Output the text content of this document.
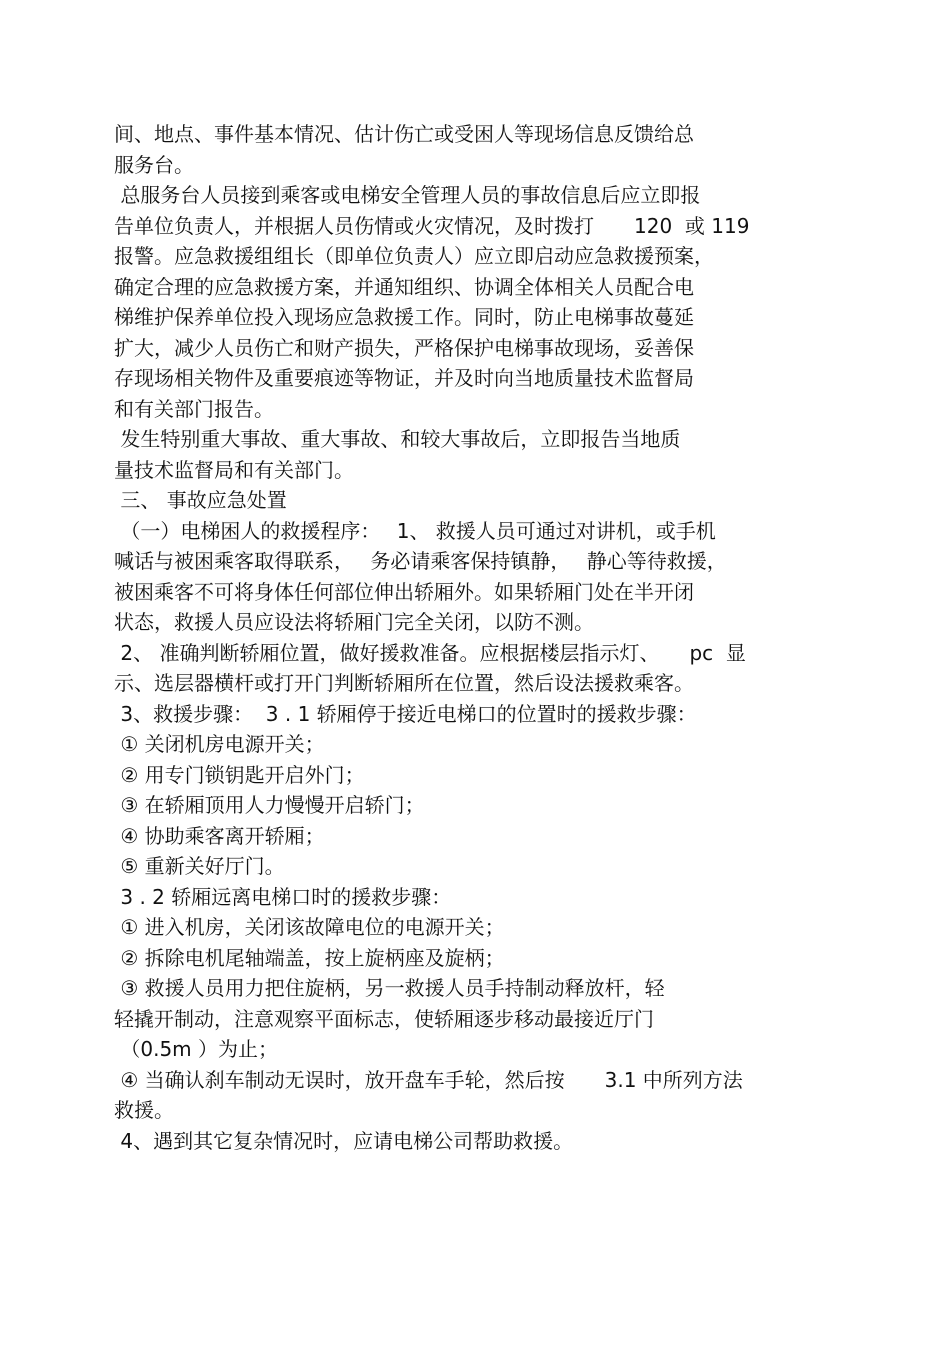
间、地点、事件基本情况、估计伤亡或受困人等现场信息反馈给总
服务台。
总服务台人员接到乘客或电梯安全管理人员的事故信息后应立即报
告单位负责人，并根据人员伤情或火灾情况，及时拨打　　120  或 119
报警。应急救援组组长（即单位负责人）应立即启动应急救援预案，
确定合理的应急救援方案，并通知组织、协调全体相关人员配合电
梯维护保养单位投入现场应急救援工作。同时，防止电梯事故蔓延
扩大，减少人员伤亡和财产损失，严格保护电梯事故现场，妥善保
存现场相关物件及重要痕迹等物证，并及时向当地质量技术监督局
和有关部门报告。
发生特别重大事故、重大事故、和较大事故后，立即报告当地质
量技术监督局和有关部门。
三、 事故应急处置
（一）电梯困人的救援程序：　 1、 救援人员可通过对讲机，或手机
喊话与被困乘客取得联系，　 务必请乘客保持镇静，　 静心等待救援，
被困乘客不可将身体任何部位伸出轿厢外。如果轿厢门处在半开闭
状态，救援人员应设法将轿厢门完全关闭，以防不测。
2、 准确判断轿厢位置，做好援救准备。应根据楼层指示灯、　　pc  显
示、选层器横杆或打开门判断轿厢所在位置，然后设法援救乘客。
3、救援步骤：  3 . 1 轿厢停于接近电梯口的位置时的援救步骤：
① 关闭机房电源开关；
② 用专门锁钥匙开启外门；
③ 在轿厢顶用人力慢慢开启轿门；
④ 协助乘客离开轿厢；
⑤ 重新关好厅门。
3 . 2 轿厢远离电梯口时的援救步骤：
① 进入机房，关闭该故障电位的电源开关；
② 拆除电机尾轴端盖，按上旋柄座及旋柄；
③ 救援人员用力把住旋柄，另一救援人员手持制动释放杆，轻
轻撬开制动，注意观察平面标志，使轿厢逐步移动最接近厅门
（0.5m ）为止；
④ 当确认刹车制动无误时，放开盘车手轮，然后按　　3.1 中所列方法
救援。
4、遇到其它复杂情况时，应请电梯公司帮助救援。
